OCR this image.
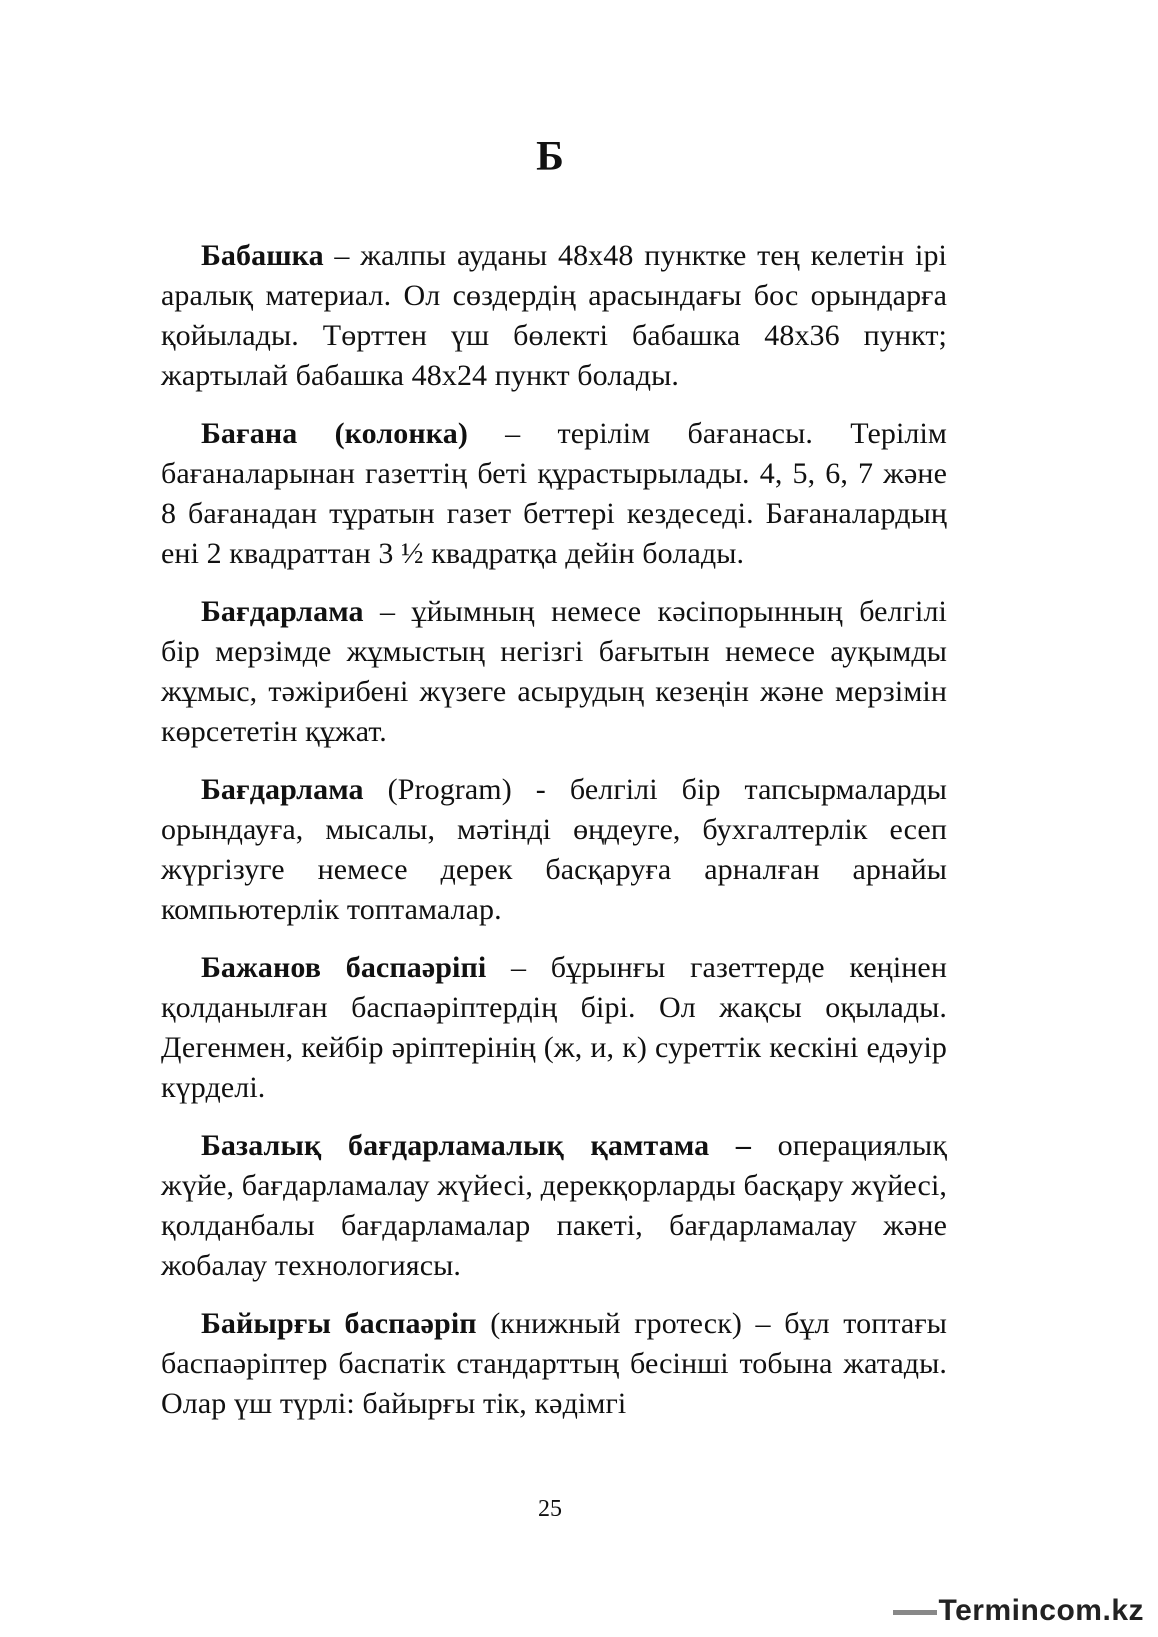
Б

Бабашка – жалпы ауданы 48х48 пунктке тең келетін ірі аралық материал. Ол сөздердің арасындағы бос орындарға қойылады. Төрттен үш бөлекті бабашка 48х36 пункт; жартылай бабашка 48х24 пункт болады.

Бағана (колонка) – терілім бағанасы. Терілім бағаналарынан газеттің беті құрастырылады. 4, 5, 6, 7 және 8 бағанадан тұратын газет беттері кездеседі. Бағаналардың ені 2 квадраттан 3 ½ квадратқа дейін болады.

Бағдарлама – ұйымның немесе кәсіпорынның белгілі бір мерзімде жұмыстың негізгі бағытын немесе ауқымды жұмыс, тәжірибені жүзеге асырудың кезеңін және мерзімін көрсететін құжат.

Бағдарлама (Program) - белгілі бір тапсырмаларды орындауға, мысалы, мәтінді өңдеуге, бухгалтерлік есеп жүргізуге немесе дерек басқаруға арналған арнайы компьютерлік топтамалар.

Бажанов баспаәріпі – бұрынғы газеттерде кеңінен қолданылған баспаәріптердің бірі. Ол жақсы оқылады. Дегенмен, кейбір әріптерінің (ж, и, к) суреттік кескіні едәуір күрделі.

Базалық бағдарламалық қамтама – операциялық жүйе, бағдарламалау жүйесі, дерекқорларды басқару жүйесі, қолданбалы бағдарламалар пакеті, бағдарламалау және жобалау технологиясы.

Байырғы баспаәріп (книжный гротеск) – бұл топтағы баспаәріптер баспатік стандарттың бесінші тобына жатады. Олар үш түрлі: байырғы тік, кәдімгі

25
Termincom.kz
